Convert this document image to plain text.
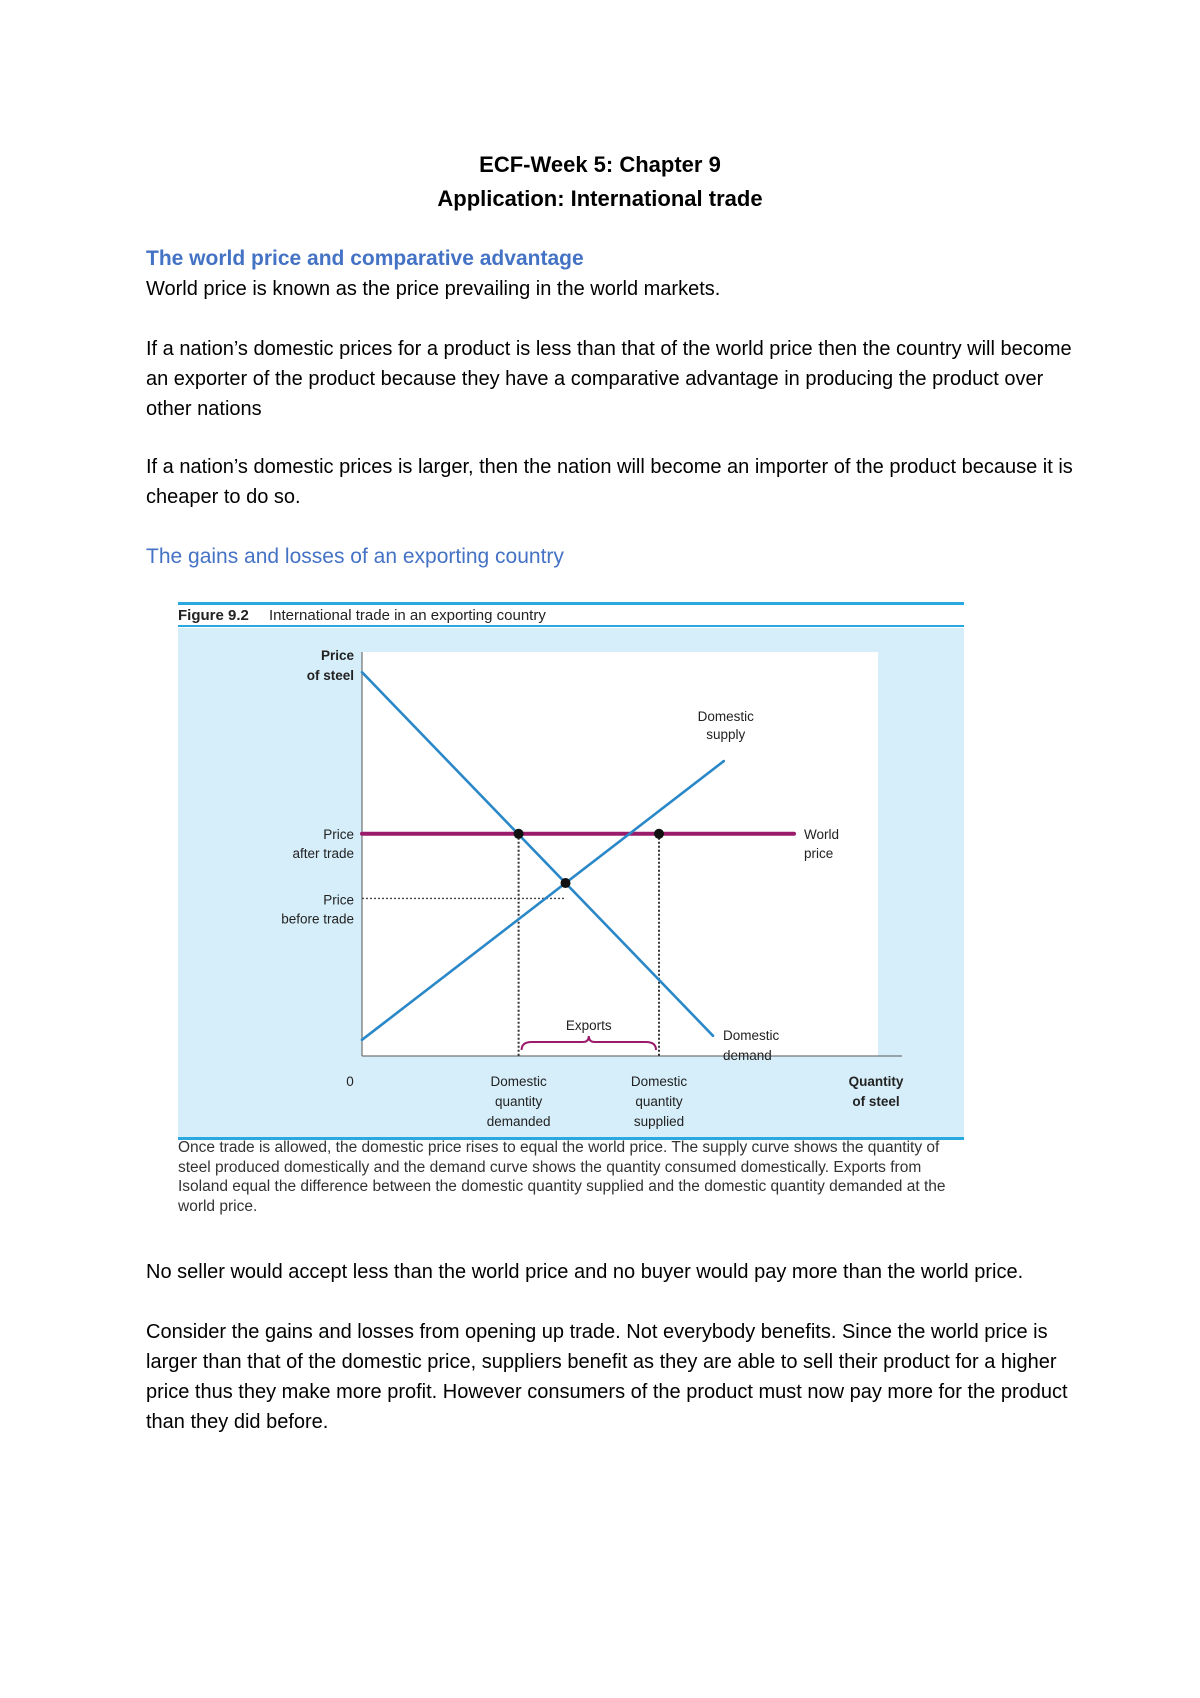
ECF-Week 5: Chapter 9
Application: International trade
The world price and comparative advantage

World price is known as the price prevailing in the world markets.

If a nation’s domestic prices for a product is less than that of the world price then the country will become an exporter of the product because they have a comparative advantage in producing the product over other nations

If a nation’s domestic prices is larger, then the nation will become an importer of the product because it is cheaper to do so.

The gains and losses of an exporting country
Figure 9.2 International trade in an exporting country
Exports
Price of steel
Quantity of steel
0
Price after trade
Price before trade
Domestic quantity demanded
Domestic quantity supplied
World price
Domestic supply
Domestic demand
Once trade is allowed, the domestic price rises to equal the world price. The supply curve shows the quantity of steel produced domestically and the demand curve shows the quantity consumed domestically. Exports from Isoland equal the difference between the domestic quantity supplied and the domestic quantity demanded at the world price.

No seller would accept less than the world price and no buyer would pay more than the world price.

Consider the gains and losses from opening up trade. Not everybody benefits. Since the world price is larger than that of the domestic price, suppliers benefit as they are able to sell their product for a higher price thus they make more profit. However consumers of the product must now pay more for the product than they did before.
